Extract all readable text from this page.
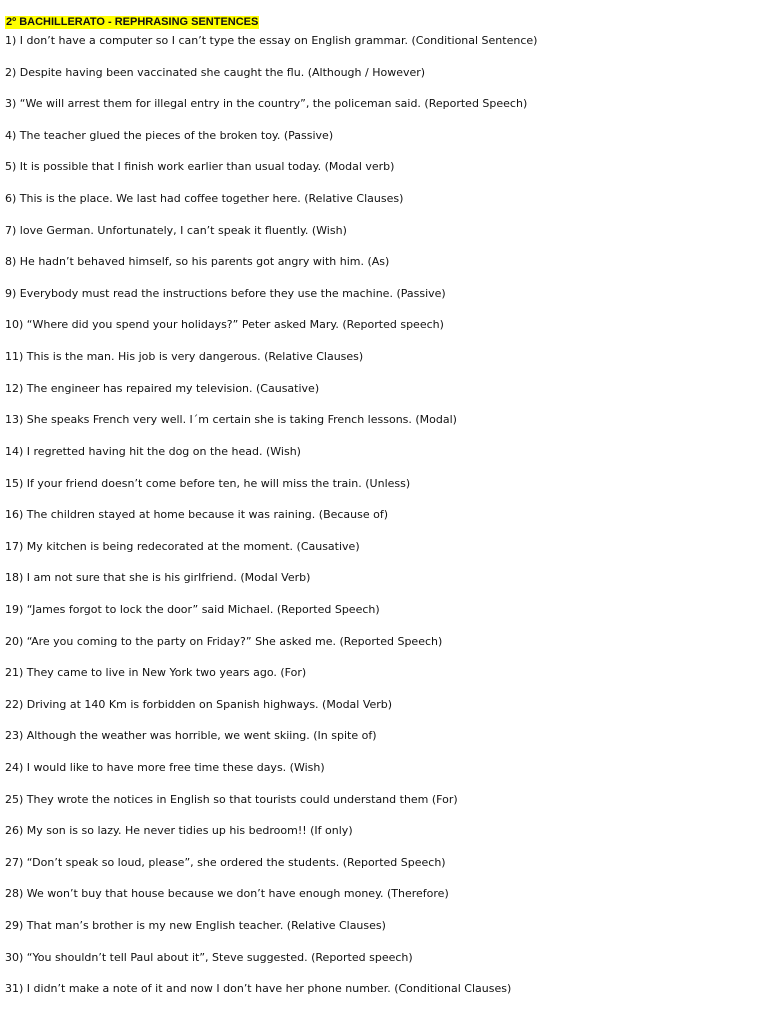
2º BACHILLERATO - REPHRASING SENTENCES
1) I don’t have a computer so I can’t type the essay on English grammar. (Conditional Sentence)
2) Despite having been vaccinated she caught the flu. (Although / However)
3) “We will arrest them for illegal entry in the country”, the policeman said. (Reported Speech)
4) The teacher glued the pieces of the broken toy. (Passive)
5) It is possible that I finish work earlier than usual today. (Modal verb)
6) This is the place. We last had coffee together here. (Relative Clauses)
7) love German. Unfortunately, I can’t speak it fluently. (Wish)
8) He hadn’t behaved himself, so his parents got angry with him. (As)
9) Everybody must read the instructions before they use the machine. (Passive)
10) “Where did you spend your holidays?” Peter asked Mary. (Reported speech)
11) This is the man. His job is very dangerous. (Relative Clauses)
12) The engineer has repaired my television. (Causative)
13) She speaks French very well. I´m certain she is taking French lessons. (Modal)
14) I regretted having hit the dog on the head. (Wish)
15) If your friend doesn’t come before ten, he will miss the train. (Unless)
16) The children stayed at home because it was raining. (Because of)
17) My kitchen is being redecorated at the moment. (Causative)
18) I am not sure that she is his girlfriend. (Modal Verb)
19) “James forgot to lock the door” said Michael. (Reported Speech)
20) “Are you coming to the party on Friday?” She asked me. (Reported Speech)
21) They came to live in New York two years ago. (For)
22) Driving at 140 Km is forbidden on Spanish highways. (Modal Verb)
23) Although the weather was horrible, we went skiing. (In spite of)
24) I would like to have more free time these days. (Wish)
25) They wrote the notices in English so that tourists could understand them (For)
26) My son is so lazy. He never tidies up his bedroom!! (If only)
27) “Don’t speak so loud, please”, she ordered the students. (Reported Speech)
28) We won’t buy that house because we don’t have enough money. (Therefore)
29) That man’s brother is my new English teacher. (Relative Clauses)
30) “You shouldn’t tell Paul about it”, Steve suggested. (Reported speech)
31) I didn’t make a note of it and now I don’t have her phone number. (Conditional Clauses)
